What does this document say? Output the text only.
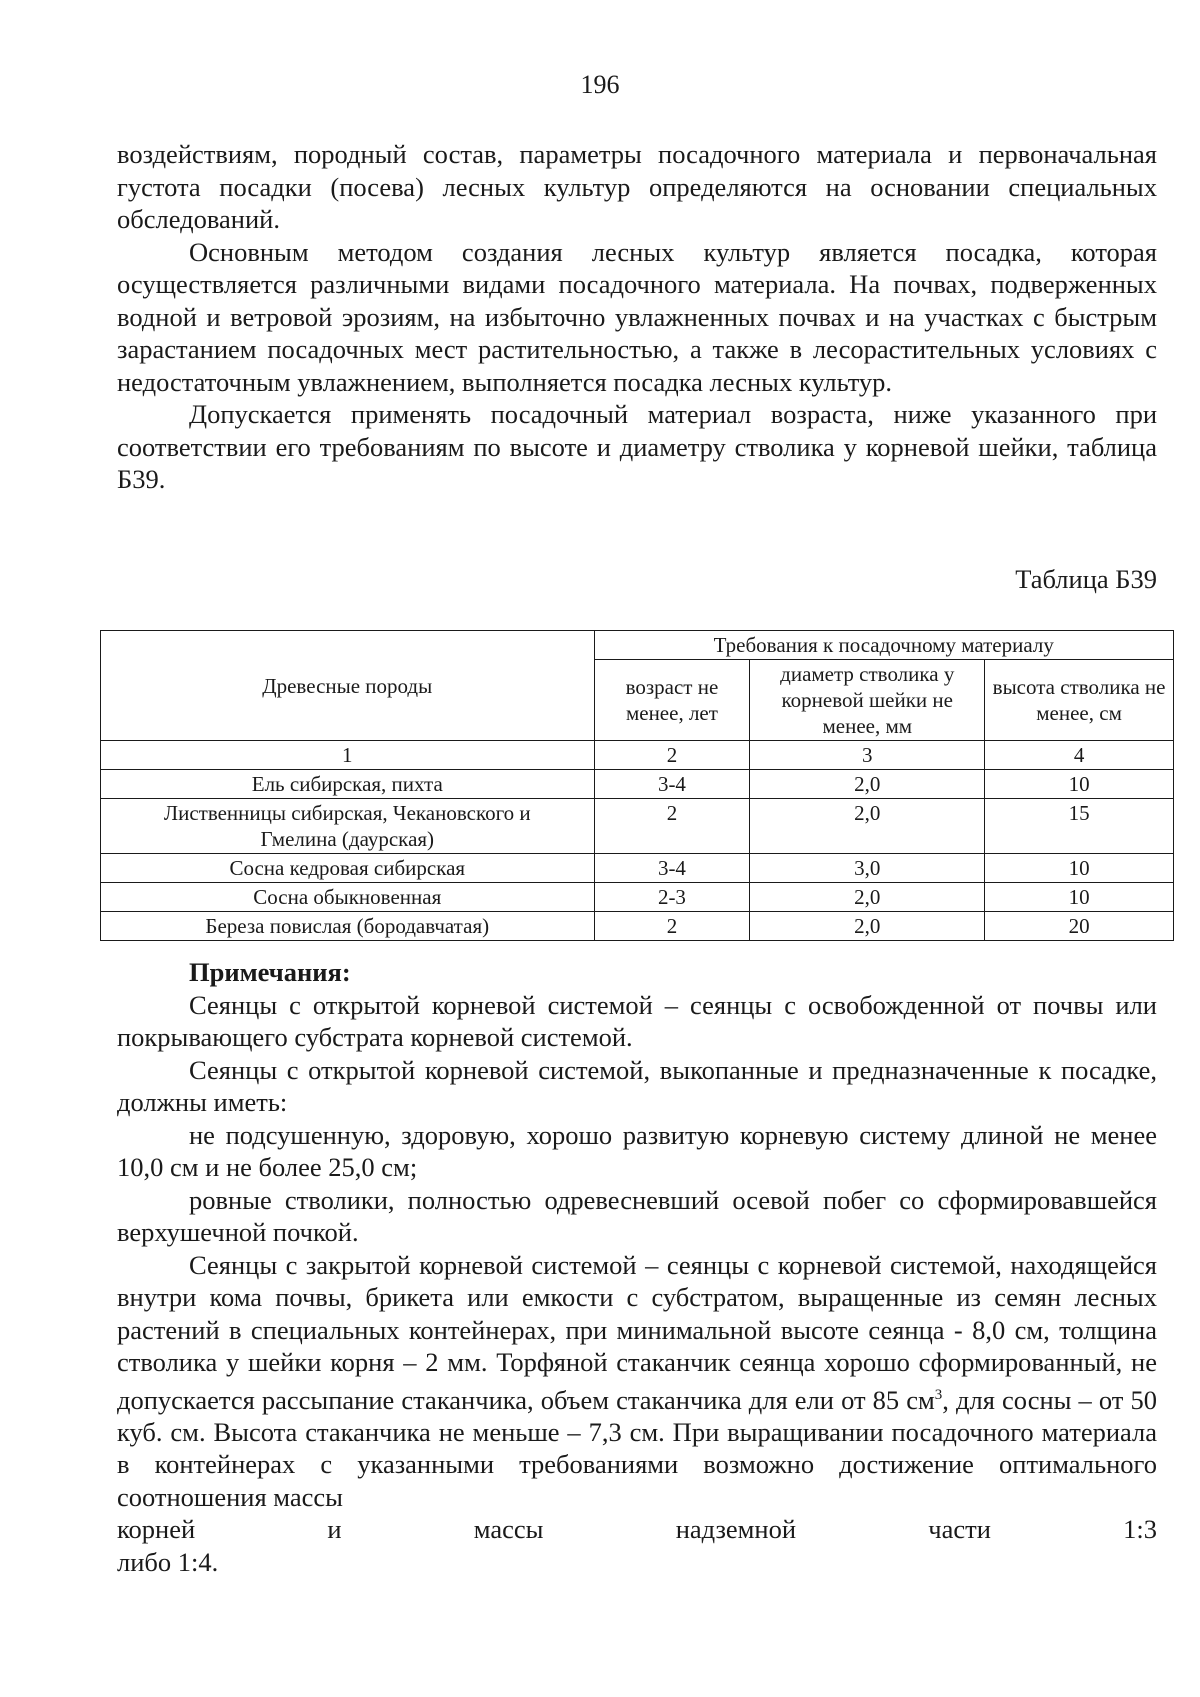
196

воздействиям, породный состав, параметры посадочного материала и первоначальная густота посадки (посева) лесных культур определяются на основании специальных обследований.

Основным методом создания лесных культур является посадка, которая осуществляется различными видами посадочного материала. На почвах, подверженных водной и ветровой эрозиям, на избыточно увлажненных почвах и на участках с быстрым зарастанием посадочных мест растительностью, а также в лесорастительных условиях с недостаточным увлажнением, выполняется посадка лесных культур.

Допускается применять посадочный материал возраста, ниже указанного при соответствии его требованиям по высоте и диаметру стволика у корневой шейки, таблица Б39.

Таблица Б39
Древесные породы	Требования к посадочному материалу		
	возраст не менее, лет	диаметр стволика у корневой шейки не менее, мм	высота стволика не менее, см
1	2	3	4
Ель сибирская, пихта	3-4	2,0	10
Лиственницы сибирская, Чекановского и Гмелина (даурская)	2	2,0	15
Сосна кедровая сибирская	3-4	3,0	10
Сосна обыкновенная	2-3	2,0	10
Береза повислая (бородавчатая)	2	2,0	20

Примечания:

Сеянцы с открытой корневой системой – сеянцы с освобожденной от почвы или покрывающего субстрата корневой системой.

Сеянцы с открытой корневой системой, выкопанные и предназначенные к посадке, должны иметь:

не подсушенную, здоровую, хорошо развитую корневую систему длиной не менее 10,0 см и не более 25,0 см;

ровные стволики, полностью одревесневший осевой побег со сформировавшейся верхушечной почкой.

Сеянцы с закрытой корневой системой – сеянцы с корневой системой, находящейся внутри кома почвы, брикета или емкости с субстратом, выращенные из семян лесных растений в специальных контейнерах, при минимальной высоте сеянца - 8,0 см, толщина стволика у шейки корня – 2 мм. Торфяной стаканчик сеянца хорошо сформированный, не допускается рассыпание стаканчика, объем стаканчика для ели от 85 $см^3$, для сосны – от 50 куб. см. Высота стаканчика не меньше – 7,3 см. При выращивании посадочного материала в контейнерах с указанными требованиями возможно достижение оптимального соотношения массы

корней	и	массы	надземной	части	1:3

либо 1:4.
